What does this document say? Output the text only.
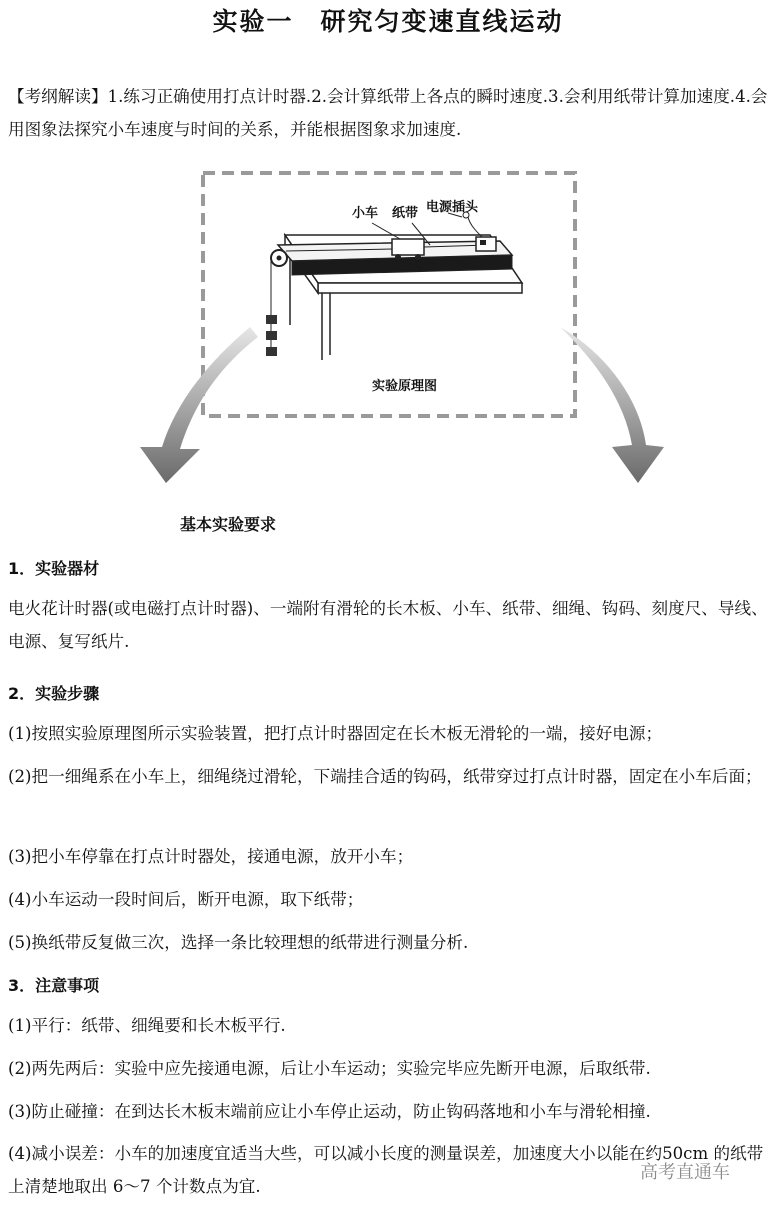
实验一　研究匀变速直线运动
【考纲解读】1.练习正确使用打点计时器.2.会计算纸带上各点的瞬时速度.3.会利用纸带计算加速度.4.会用图象法探究小车速度与时间的关系，并能根据图象求加速度.
小车 纸带 电源插头
实验原理图
基本实验要求
1．实验器材
电火花计时器(或电磁打点计时器)、一端附有滑轮的长木板、小车、纸带、细绳、钩码、刻度尺、导线、电源、复写纸片.
2．实验步骤
(1)按照实验原理图所示实验装置，把打点计时器固定在长木板无滑轮的一端，接好电源；
(2)把一细绳系在小车上，细绳绕过滑轮，下端挂合适的钩码，纸带穿过打点计时器，固定在小车后面；
(3)把小车停靠在打点计时器处，接通电源，放开小车；
(4)小车运动一段时间后，断开电源，取下纸带；
(5)换纸带反复做三次，选择一条比较理想的纸带进行测量分析.
3．注意事项
(1)平行：纸带、细绳要和长木板平行.
(2)两先两后：实验中应先接通电源，后让小车运动；实验完毕应先断开电源，后取纸带.
(3)防止碰撞：在到达长木板末端前应让小车停止运动，防止钩码落地和小车与滑轮相撞.
(4)减小误差：小车的加速度宜适当大些，可以减小长度的测量误差，加速度大小以能在约50cm 的纸带上清楚地取出 6～7 个计数点为宜.
高考直通车
